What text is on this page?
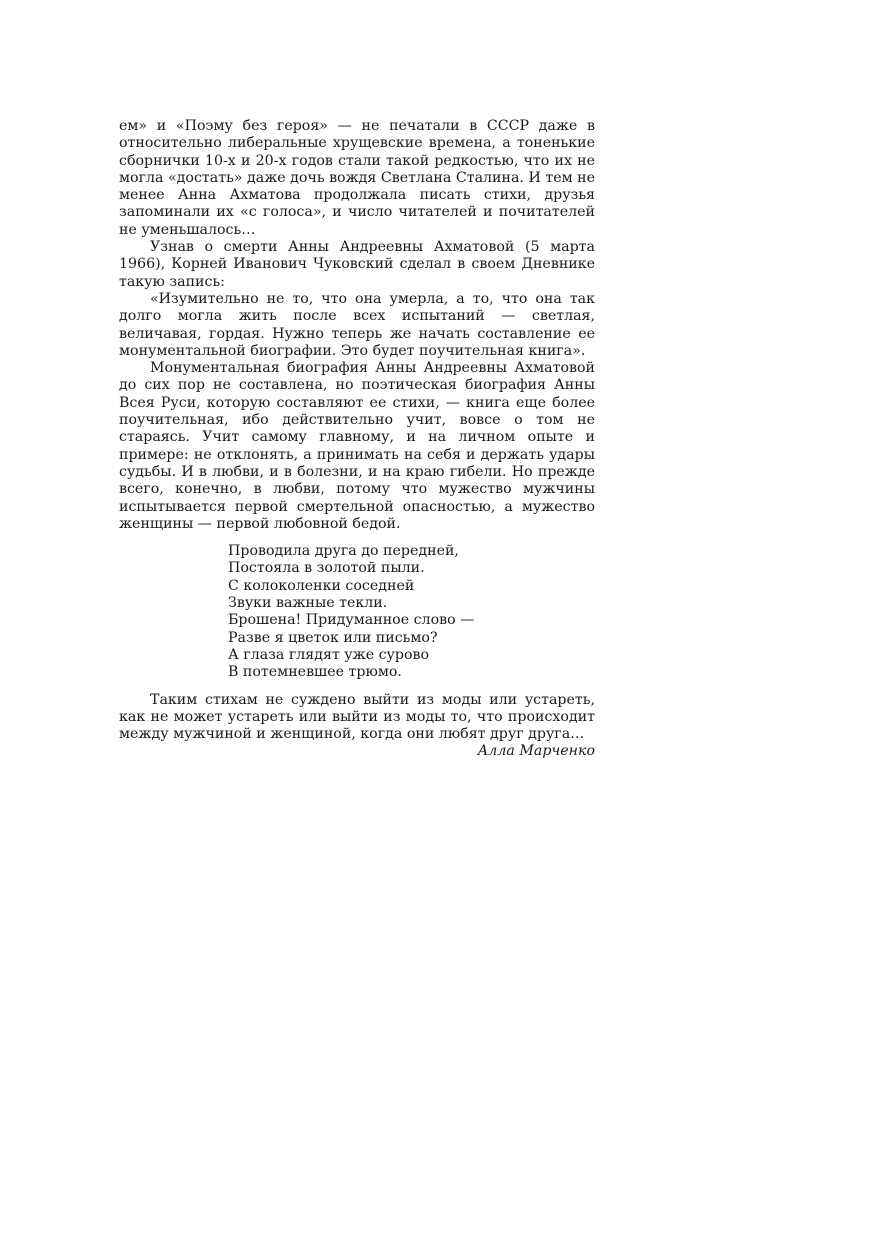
ем» и «Поэму без героя» — не печатали в СССР даже в относительно либеральные хрущевские времена, а тоненькие сборнички 10-х и 20-х годов стали такой редкостью, что их не могла «достать» даже дочь вождя Светлана Сталина. И тем не менее Анна Ахматова продолжала писать стихи, друзья запоминали их «с голоса», и число читателей и почитателей не уменьшалось…

Узнав о смерти Анны Андреевны Ахматовой (5 марта 1966), Корней Иванович Чуковский сделал в своем Дневнике такую запись:

«Изумительно не то, что она умерла, а то, что она так долго могла жить после всех испытаний — светлая, величавая, гордая. Нужно теперь же начать составление ее монументальной биографии. Это будет поучительная книга».

Монументальная биография Анны Андреевны Ахматовой до сих пор не составлена, но поэтическая биография Анны Всея Руси, которую составляют ее стихи, — книга еще более поучительная, ибо действительно учит, вовсе о том не стараясь. Учит самому главному, и на личном опыте и примере: не отклонять, а принимать на себя и держать удары судьбы. И в любви, и в болезни, и на краю гибели. Но прежде всего, конечно, в любви, потому что мужество мужчины испытывается первой смертельной опасностью, а мужество женщины — первой любовной бедой.

Проводила друга до передней,
Постояла в золотой пыли.
С колоколенки соседней
Звуки важные текли.
Брошена! Придуманное слово —
Разве я цветок или письмо?
А глаза глядят уже сурово
В потемневшее трюмо.

Таким стихам не суждено выйти из моды или устареть, как не может устареть или выйти из моды то, что происходит между мужчиной и женщиной, когда они любят друг друга…

Алла Марченко
